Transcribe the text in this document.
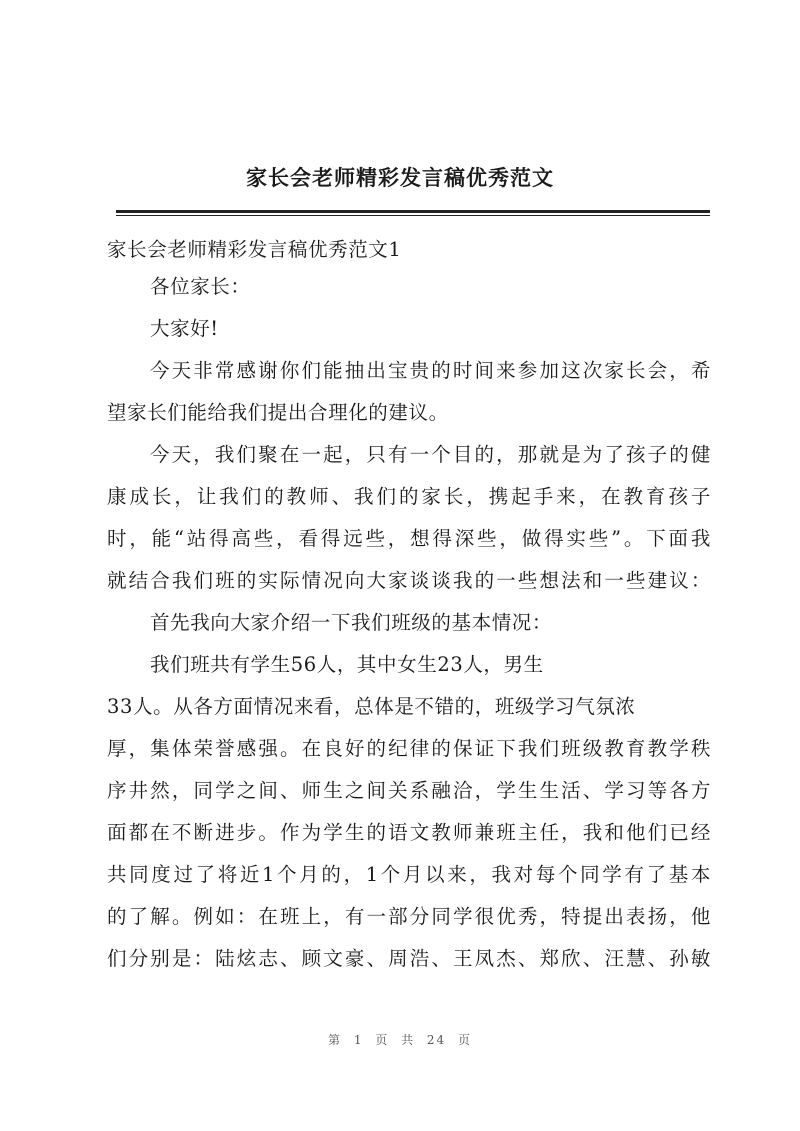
家长会老师精彩发言稿优秀范文
家长会老师精彩发言稿优秀范文1
各位家长：
大家好!
今天非常感谢你们能抽出宝贵的时间来参加这次家长会，希
望家长们能给我们提出合理化的建议。
今天，我们聚在一起，只有一个目的，那就是为了孩子的健
康成长，让我们的教师、我们的家长，携起手来，在教育孩子
时，能“站得高些，看得远些，想得深些，做得实些”。下面我
就结合我们班的实际情况向大家谈谈我的一些想法和一些建议：
首先我向大家介绍一下我们班级的基本情况：
我们班共有学生56人，其中女生23人，男生
33人。从各方面情况来看，总体是不错的，班级学习气氛浓
厚，集体荣誉感强。在良好的纪律的保证下我们班级教育教学秩
序井然，同学之间、师生之间关系融洽，学生生活、学习等各方
面都在不断进步。作为学生的语文教师兼班主任，我和他们已经
共同度过了将近1个月的，1个月以来，我对每个同学有了基本
的了解。例如：在班上，有一部分同学很优秀，特提出表扬，他
们分别是：陆炫志、顾文豪、周浩、王凤杰、郑欣、汪慧、孙敏
第 1 页 共 24 页
